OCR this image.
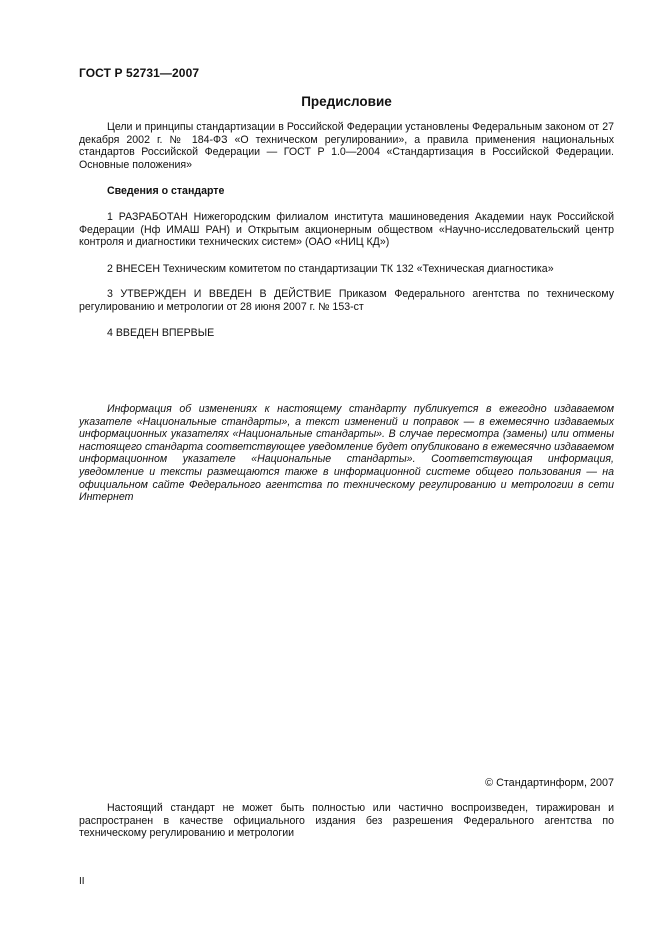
ГОСТ Р 52731—2007
Предисловие
Цели и принципы стандартизации в Российской Федерации установлены Федеральным законом от 27 декабря 2002 г. № 184-ФЗ «О техническом регулировании», а правила применения национальных стандартов Российской Федерации — ГОСТ Р 1.0—2004 «Стандартизация в Российской Федерации. Основные положения»
Сведения о стандарте
1 РАЗРАБОТАН Нижегородским филиалом института машиноведения Академии наук Российской Федерации (Нф ИМАШ РАН) и Открытым акционерным обществом «Научно-исследовательский центр контроля и диагностики технических систем» (ОАО «НИЦ КД»)
2 ВНЕСЕН Техническим комитетом по стандартизации ТК 132 «Техническая диагностика»
3 УТВЕРЖДЕН И ВВЕДЕН В ДЕЙСТВИЕ Приказом Федерального агентства по техническому регулированию и метрологии от 28 июня 2007 г. № 153-ст
4 ВВЕДЕН ВПЕРВЫЕ
Информация об изменениях к настоящему стандарту публикуется в ежегодно издаваемом указателе «Национальные стандарты», а текст изменений и поправок — в ежемесячно издаваемых информационных указателях «Национальные стандарты». В случае пересмотра (замены) или отмены настоящего стандарта соответствующее уведомление будет опубликовано в ежемесячно издаваемом информационном указателе «Национальные стандарты». Соответствующая информация, уведомление и тексты размещаются также в информационной системе общего пользования — на официальном сайте Федерального агентства по техническому регулированию и метрологии в сети Интернет
© Стандартинформ, 2007
Настоящий стандарт не может быть полностью или частично воспроизведен, тиражирован и распространен в качестве официального издания без разрешения Федерального агентства по техническому регулированию и метрологии
II
